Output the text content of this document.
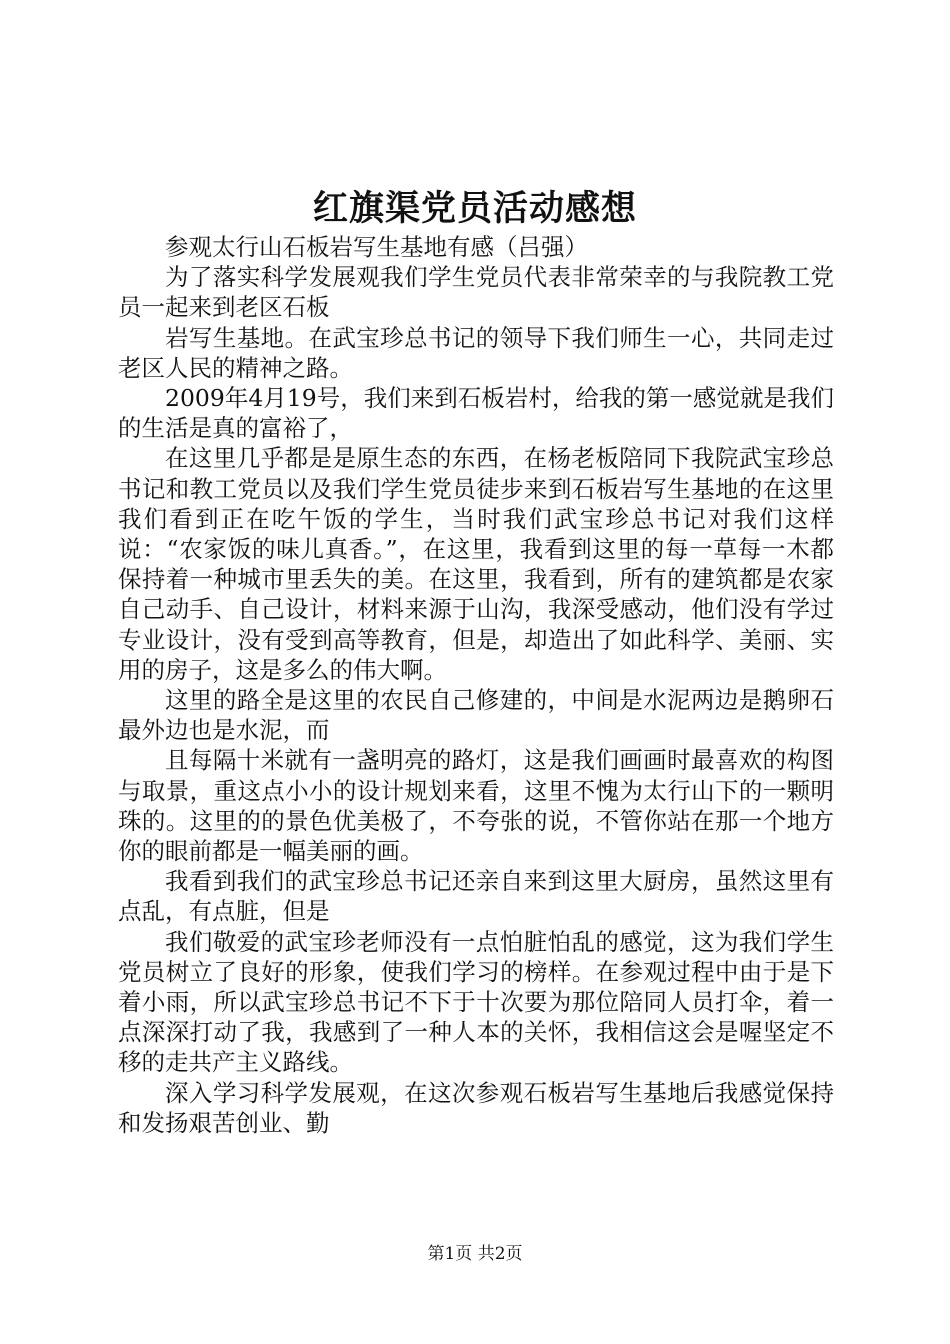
红旗渠党员活动感想

参观太行山石板岩写生基地有感（吕强）

为了落实科学发展观我们学生党员代表非常荣幸的与我院教工党员一起来到老区石板

岩写生基地。在武宝珍总书记的领导下我们师生一心，共同走过老区人民的精神之路。

2009年4月19号，我们来到石板岩村，给我的第一感觉就是我们的生活是真的富裕了，

在这里几乎都是是原生态的东西，在杨老板陪同下我院武宝珍总书记和教工党员以及我们学生党员徒步来到石板岩写生基地的在这里我们看到正在吃午饭的学生，当时我们武宝珍总书记对我们这样说：“农家饭的味儿真香。”，在这里，我看到这里的每一草每一木都保持着一种城市里丢失的美。在这里，我看到，所有的建筑都是农家自己动手、自己设计，材料来源于山沟，我深受感动，他们没有学过专业设计，没有受到高等教育，但是，却造出了如此科学、美丽、实用的房子，这是多么的伟大啊。

这里的路全是这里的农民自己修建的，中间是水泥两边是鹅卵石最外边也是水泥，而

且每隔十米就有一盏明亮的路灯，这是我们画画时最喜欢的构图与取景，重这点小小的设计规划来看，这里不愧为太行山下的一颗明珠的。这里的的景色优美极了，不夸张的说，不管你站在那一个地方你的眼前都是一幅美丽的画。

我看到我们的武宝珍总书记还亲自来到这里大厨房，虽然这里有点乱，有点脏，但是

我们敬爱的武宝珍老师没有一点怕脏怕乱的感觉，这为我们学生党员树立了良好的形象，使我们学习的榜样。在参观过程中由于是下着小雨，所以武宝珍总书记不下于十次要为那位陪同人员打伞，着一点深深打动了我，我感到了一种人本的关怀，我相信这会是喔坚定不移的走共产主义路线。

深入学习科学发展观，在这次参观石板岩写生基地后我感觉保持和发扬艰苦创业、勤

第1页 共2页
